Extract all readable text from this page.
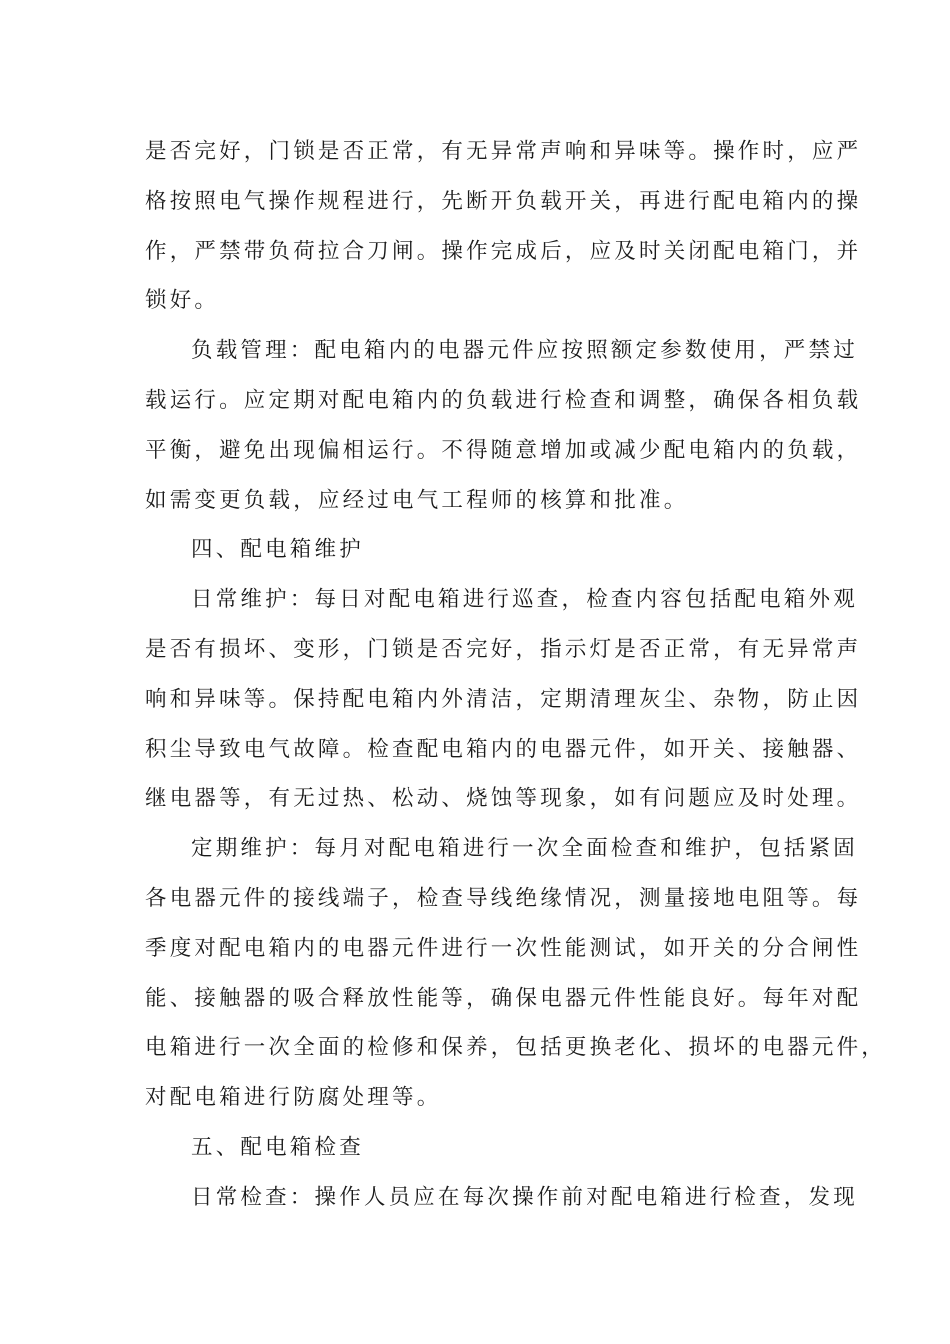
是否完好，门锁是否正常，有无异常声响和异味等。操作时，应严
格按照电气操作规程进行，先断开负载开关，再进行配电箱内的操
作，严禁带负荷拉合刀闸。操作完成后，应及时关闭配电箱门，并
锁好。
负载管理：配电箱内的电器元件应按照额定参数使用，严禁过
载运行。应定期对配电箱内的负载进行检查和调整，确保各相负载
平衡，避免出现偏相运行。不得随意增加或减少配电箱内的负载，
如需变更负载，应经过电气工程师的核算和批准。
四、配电箱维护
日常维护：每日对配电箱进行巡查，检查内容包括配电箱外观
是否有损坏、变形，门锁是否完好，指示灯是否正常，有无异常声
响和异味等。保持配电箱内外清洁，定期清理灰尘、杂物，防止因
积尘导致电气故障。检查配电箱内的电器元件，如开关、接触器、
继电器等，有无过热、松动、烧蚀等现象，如有问题应及时处理。
定期维护：每月对配电箱进行一次全面检查和维护，包括紧固
各电器元件的接线端子，检查导线绝缘情况，测量接地电阻等。每
季度对配电箱内的电器元件进行一次性能测试，如开关的分合闸性
能、接触器的吸合释放性能等，确保电器元件性能良好。每年对配
电箱进行一次全面的检修和保养，包括更换老化、损坏的电器元件，
对配电箱进行防腐处理等。
五、配电箱检查
日常检查：操作人员应在每次操作前对配电箱进行检查，发现
